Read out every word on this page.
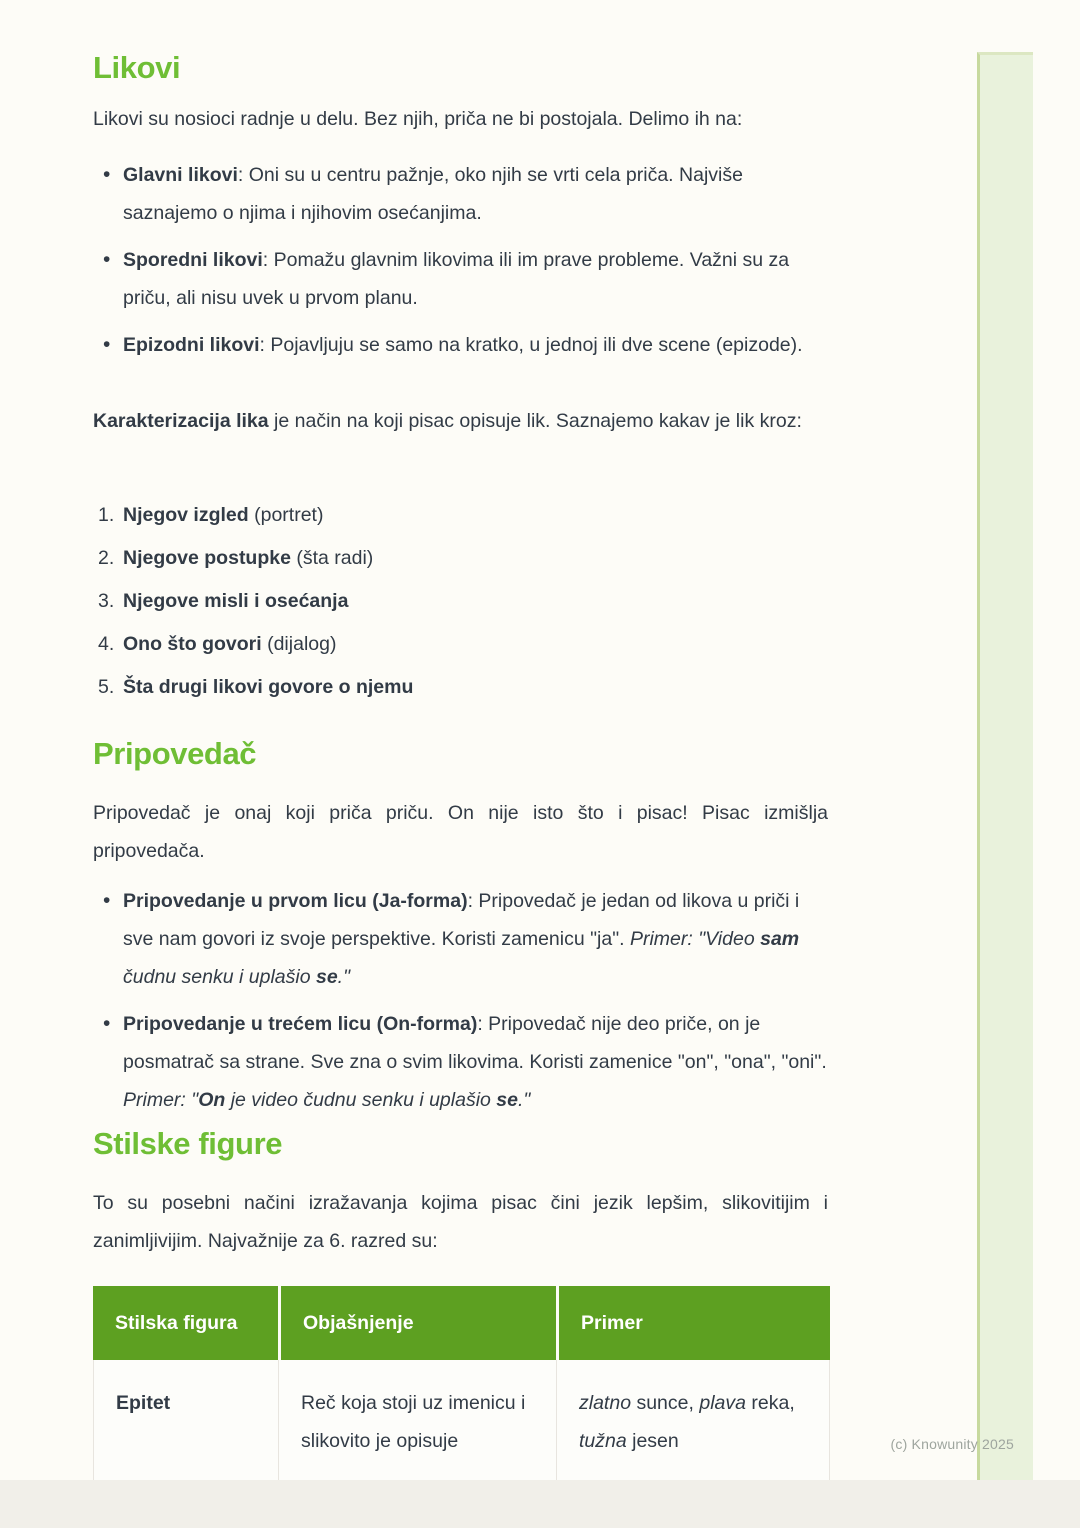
Likovi

Likovi su nosioci radnje u delu. Bez njih, priča ne bi postojala. Delimo ih na:

• Glavni likovi: Oni su u centru pažnje, oko njih se vrti cela priča. Najviše saznajemo o njima i njihovim osećanjima.
• Sporedni likovi: Pomažu glavnim likovima ili im prave probleme. Važni su za priču, ali nisu uvek u prvom planu.
• Epizodni likovi: Pojavljuju se samo na kratko, u jednoj ili dve scene (epizode).

Karakterizacija lika je način na koji pisac opisuje lik. Saznajemo kakav je lik kroz:

1. Njegov izgled (portret)
2. Njegove postupke (šta radi)
3. Njegove misli i osećanja
4. Ono što govori (dijalog)
5. Šta drugi likovi govore o njemu
Pripovedač

Pripovedač je onaj koji priča priču. On nije isto što i pisac! Pisac izmišlja pripovedača.

• Pripovedanje u prvom licu (Ja-forma): Pripovedač je jedan od likova u priči i sve nam govori iz svoje perspektive. Koristi zamenicu "ja". Primer: "Video sam čudnu senku i uplašio se."
• Pripovedanje u trećem licu (On-forma): Pripovedač nije deo priče, on je posmatrač sa strane. Sve zna o svim likovima. Koristi zamenice "on", "ona", "oni". Primer: "On je video čudnu senku i uplašio se."
Stilske figure

To su posebni načini izražavanja kojima pisac čini jezik lepšim, slikovitijim i zanimljivijim. Najvažnije za 6. razred su:

Stilska figura	Objašnjenje	Primer
Epitet	Reč koja stoji uz imenicu i slikovito je opisuje	zlatno sunce, plava reka, tužna jesen	(c) Knowunity 2025
